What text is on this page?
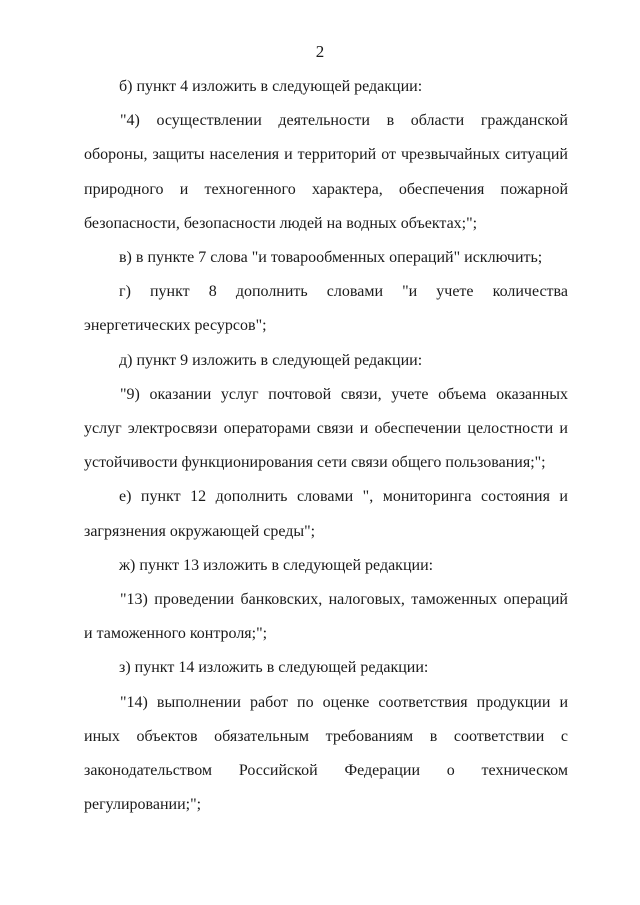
2

б) пункт 4 изложить в следующей редакции:

"4) осуществлении деятельности в области гражданской обороны, защиты населения и территорий от чрезвычайных ситуаций природного и техногенного характера, обеспечения пожарной безопасности, безопасности людей на водных объектах;";

в) в пункте 7 слова "и товарообменных операций" исключить;

г) пункт 8 дополнить словами "и учете количества энергетических ресурсов";

д) пункт 9 изложить в следующей редакции:

"9) оказании услуг почтовой связи, учете объема оказанных услуг электросвязи операторами связи и обеспечении целостности и устойчивости функционирования сети связи общего пользования;";

е) пункт 12 дополнить словами ", мониторинга состояния и загрязнения окружающей среды";

ж) пункт 13 изложить в следующей редакции:

"13) проведении банковских, налоговых, таможенных операций и таможенного контроля;";

з) пункт 14 изложить в следующей редакции:

"14) выполнении работ по оценке соответствия продукции и иных объектов обязательным требованиям в соответствии с законодательством Российской Федерации о техническом регулировании;";
